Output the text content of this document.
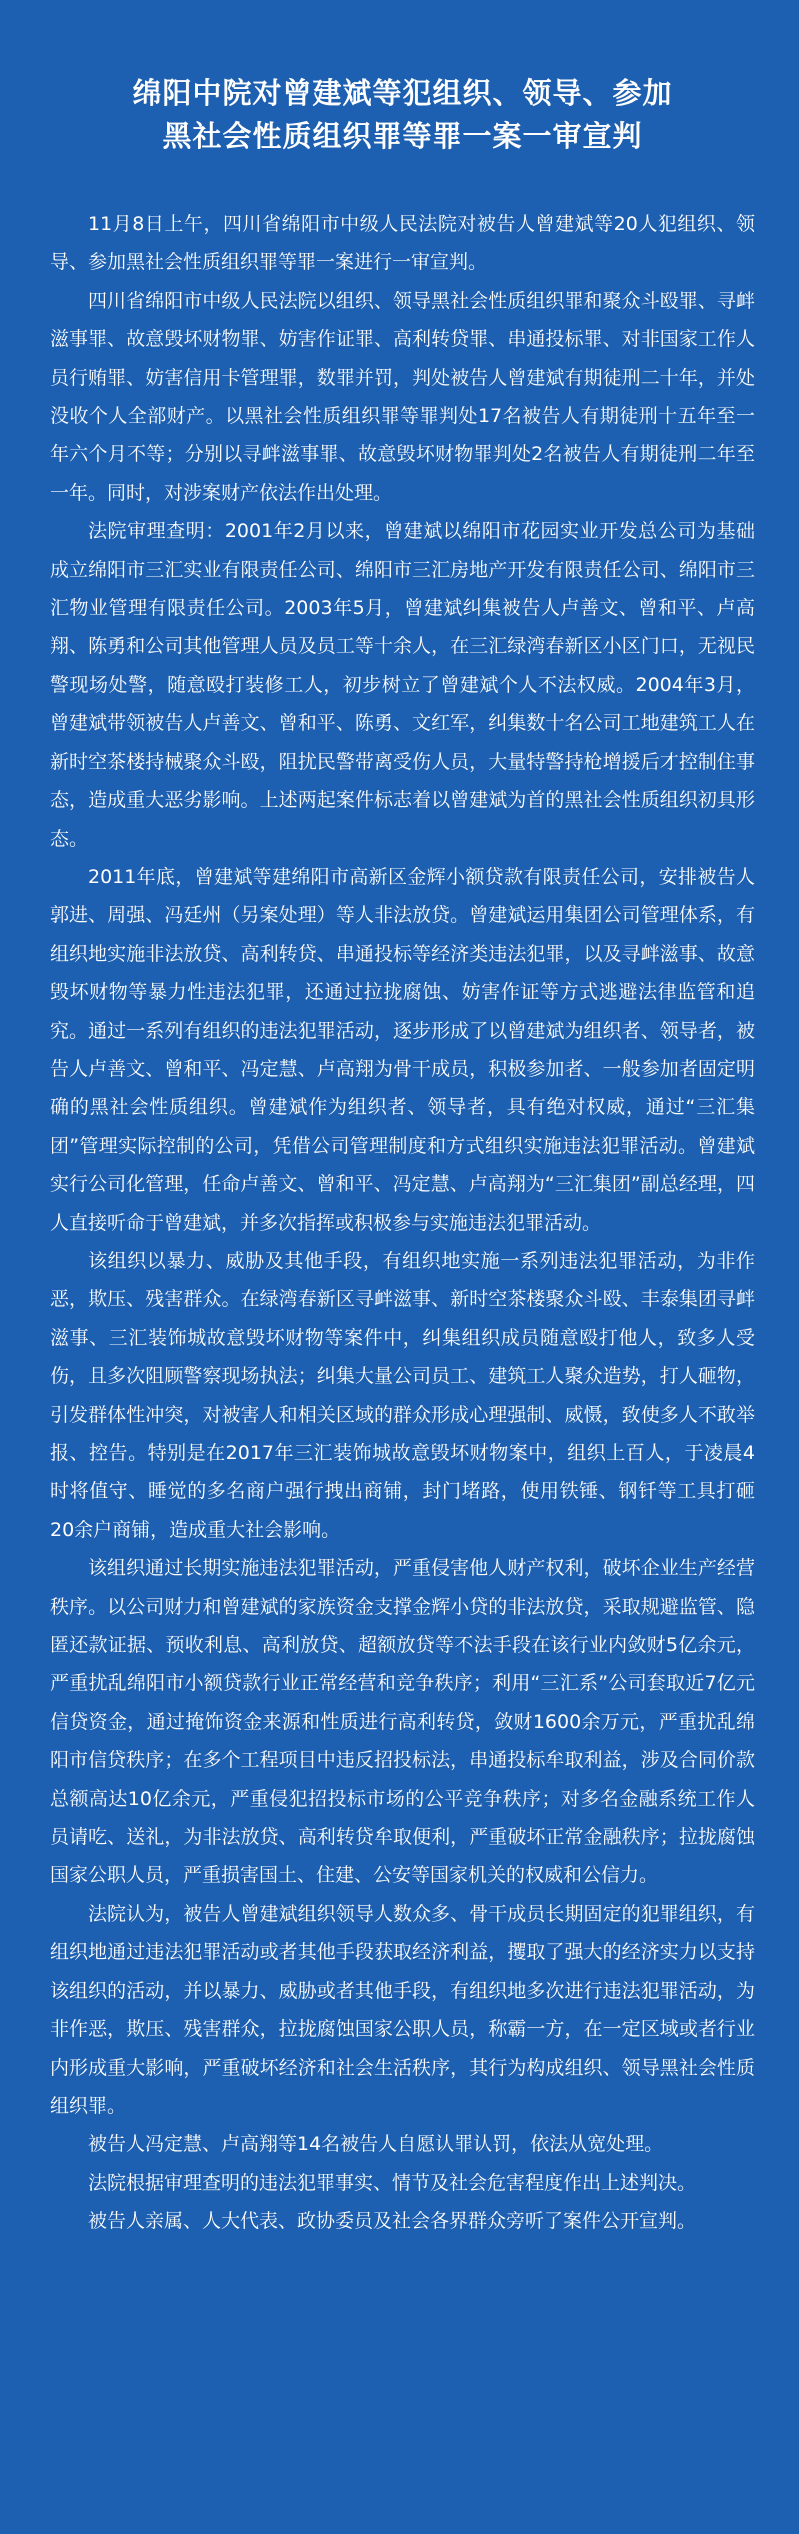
绵阳中院对曾建斌等犯组织、领导、参加
黑社会性质组织罪等罪一案一审宣判

11月8日上午，四川省绵阳市中级人民法院对被告人曾建斌等20人犯组织、领导、参加黑社会性质组织罪等罪一案进行一审宣判。

四川省绵阳市中级人民法院以组织、领导黑社会性质组织罪和聚众斗殴罪、寻衅滋事罪、故意毁坏财物罪、妨害作证罪、高利转贷罪、串通投标罪、对非国家工作人员行贿罪、妨害信用卡管理罪，数罪并罚，判处被告人曾建斌有期徒刑二十年，并处没收个人全部财产。以黑社会性质组织罪等罪判处17名被告人有期徒刑十五年至一年六个月不等；分别以寻衅滋事罪、故意毁坏财物罪判处2名被告人有期徒刑二年至一年。同时，对涉案财产依法作出处理。

法院审理查明：2001年2月以来，曾建斌以绵阳市花园实业开发总公司为基础成立绵阳市三汇实业有限责任公司、绵阳市三汇房地产开发有限责任公司、绵阳市三汇物业管理有限责任公司。2003年5月，曾建斌纠集被告人卢善文、曾和平、卢高翔、陈勇和公司其他管理人员及员工等十余人，在三汇绿湾春新区小区门口，无视民警现场处警，随意殴打装修工人，初步树立了曾建斌个人不法权威。2004年3月，曾建斌带领被告人卢善文、曾和平、陈勇、文红军，纠集数十名公司工地建筑工人在新时空茶楼持械聚众斗殴，阻扰民警带离受伤人员，大量特警持枪增援后才控制住事态，造成重大恶劣影响。上述两起案件标志着以曾建斌为首的黑社会性质组织初具形态。

2011年底，曾建斌等建绵阳市高新区金辉小额贷款有限责任公司，安排被告人郭进、周强、冯廷州（另案处理）等人非法放贷。曾建斌运用集团公司管理体系，有组织地实施非法放贷、高利转贷、串通投标等经济类违法犯罪，以及寻衅滋事、故意毁坏财物等暴力性违法犯罪，还通过拉拢腐蚀、妨害作证等方式逃避法律监管和追究。通过一系列有组织的违法犯罪活动，逐步形成了以曾建斌为组织者、领导者，被告人卢善文、曾和平、冯定慧、卢高翔为骨干成员，积极参加者、一般参加者固定明确的黑社会性质组织。曾建斌作为组织者、领导者，具有绝对权威，通过“三汇集团”管理实际控制的公司，凭借公司管理制度和方式组织实施违法犯罪活动。曾建斌实行公司化管理，任命卢善文、曾和平、冯定慧、卢高翔为“三汇集团”副总经理，四人直接听命于曾建斌，并多次指挥或积极参与实施违法犯罪活动。

该组织以暴力、威胁及其他手段，有组织地实施一系列违法犯罪活动，为非作恶，欺压、残害群众。在绿湾春新区寻衅滋事、新时空茶楼聚众斗殴、丰泰集团寻衅滋事、三汇装饰城故意毁坏财物等案件中，纠集组织成员随意殴打他人，致多人受伤，且多次阻顾警察现场执法；纠集大量公司员工、建筑工人聚众造势，打人砸物，引发群体性冲突，对被害人和相关区域的群众形成心理强制、威慑，致使多人不敢举报、控告。特别是在2017年三汇装饰城故意毁坏财物案中，组织上百人，于凌晨4时将值守、睡觉的多名商户强行拽出商铺，封门堵路，使用铁锤、钢钎等工具打砸20余户商铺，造成重大社会影响。

该组织通过长期实施违法犯罪活动，严重侵害他人财产权利，破坏企业生产经营秩序。以公司财力和曾建斌的家族资金支撑金辉小贷的非法放贷，采取规避监管、隐匿还款证据、预收利息、高利放贷、超额放贷等不法手段在该行业内敛财5亿余元，严重扰乱绵阳市小额贷款行业正常经营和竞争秩序；利用“三汇系”公司套取近7亿元信贷资金，通过掩饰资金来源和性质进行高利转贷，敛财1600余万元，严重扰乱绵阳市信贷秩序；在多个工程项目中违反招投标法，串通投标牟取利益，涉及合同价款总额高达10亿余元，严重侵犯招投标市场的公平竞争秩序；对多名金融系统工作人员请吃、送礼，为非法放贷、高利转贷牟取便利，严重破坏正常金融秩序；拉拢腐蚀国家公职人员，严重损害国土、住建、公安等国家机关的权威和公信力。

法院认为，被告人曾建斌组织领导人数众多、骨干成员长期固定的犯罪组织，有组织地通过违法犯罪活动或者其他手段获取经济利益，攫取了强大的经济实力以支持该组织的活动，并以暴力、威胁或者其他手段，有组织地多次进行违法犯罪活动，为非作恶，欺压、残害群众，拉拢腐蚀国家公职人员，称霸一方，在一定区域或者行业内形成重大影响，严重破坏经济和社会生活秩序，其行为构成组织、领导黑社会性质组织罪。

被告人冯定慧、卢高翔等14名被告人自愿认罪认罚，依法从宽处理。

法院根据审理查明的违法犯罪事实、情节及社会危害程度作出上述判决。

被告人亲属、人大代表、政协委员及社会各界群众旁听了案件公开宣判。
